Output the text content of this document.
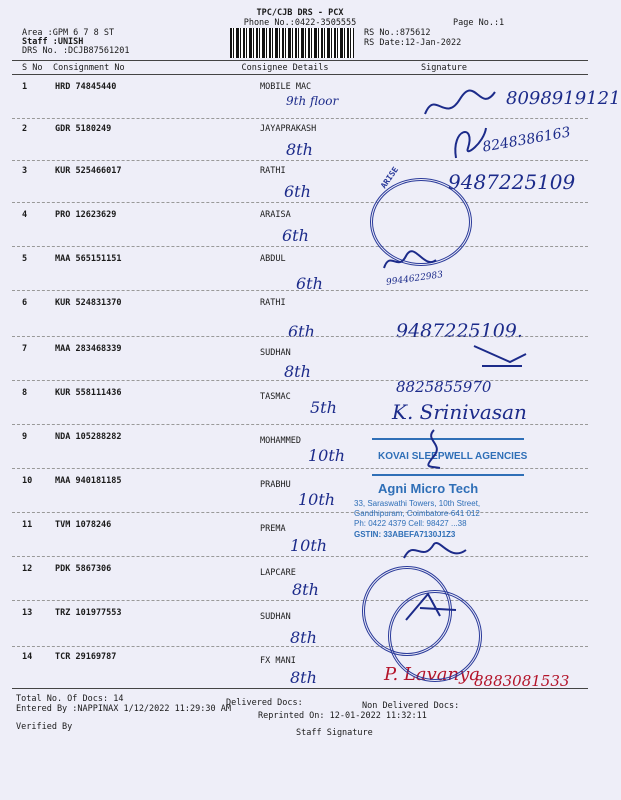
TPC/CJB DRS - PCX
Phone No.:0422-3505555	Page No.:1
Area :GPM 6 7 8 ST
Staff :UNISH
DRS No. :DCJB87561201
RS No.:875612
RS Date:12-Jan-2022
S No Consignment No	Consignee Details	Signature
1	HRD 74845440	MOBILE MAC
9th floor	8098919121
2	GDR 5180249	JAYAPRAKASH
8th	8248386163
3	KUR 525466017	RATHI
6th	9487225109
4	PRO 12623629	ARAISA
6th
5	MAA 565151151	ABDUL
6th	9944622983
6	KUR 524831370	RATHI
6th	9487225109.
7	MAA 283468339	SUDHAN
8th
8	KUR 558111436	TASMAC
5th
8825855970
K. Srinivasan
9	NDA 105288282	MOHAMMED
10th
10	MAA 940181185	PRABHU
10th
11	TVM 1078246	PREMA
10th
12	PDK 5867306	LAPCARE
8th
13	TRZ 101977553	SUDHAN
8th
14	TCR 29169787	FX MANI
8th	P. Lavanya
8883081533
ARISE
KOVAI SLEEPWELL AGENCIES
Agni Micro Tech
33, Saraswathi Towers, 10th Street,
Gandhipuram, Coimbatore-641 012
Ph: 0422 4379 Cell: 98427 ...38
GSTIN: 33ABEFA7130J1Z3
Total No. Of Docs: 14	Delivered Docs:	Non Delivered Docs:
Entered By :NAPPINAX 1/12/2022 11:29:30 AM
Reprinted On: 12-01-2022 11:32:11
Verified By
Staff Signature
